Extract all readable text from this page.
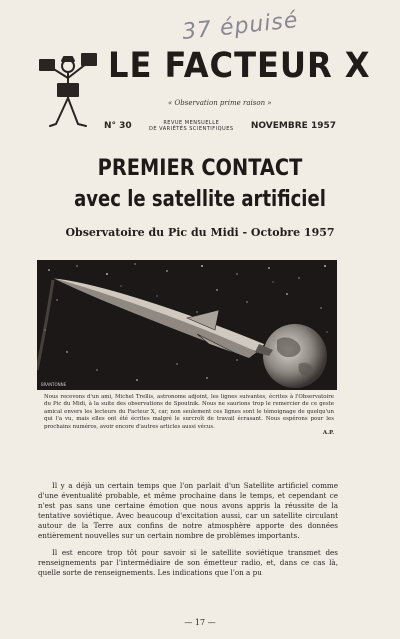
37 épuisé
LE FACTEUR X
« Observation prime raison »
N° 30	REVUE MENSUELLE
DE VARIÉTÉS SCIENTIFIQUES NOVEMBRE 1957
PREMIER CONTACT
avec le satellite artificiel
Observatoire du Pic du Midi - Octobre 1957
BRANTONNE
Nous recevons d'un ami, Michel Trellis, astronome adjoint, les lignes suivantes, écrites à l'Observatoire du Pic du Midi, à la suite des observations de Spoutnik. Nous ne saurions trop le remercier de ce geste amical envers les lecteurs du Facteur X, car, non seulement ces lignes sont le témoignage de quelqu'un qui l'a vu, mais elles ont été écrites malgré le surcroît de travail écrasant. Nous espérons pour les prochains numéros, avoir encore d'autres articles aussi vécus.
A.P.

Il y a déjà un certain temps que l'on parlait d'un Satellite artificiel comme d'une éventualité probable, et même prochaine dans le temps, et cependant ce n'est pas sans une certaine émotion que nous avons appris la réussite de la tentative soviétique. Avec beaucoup d'excitation aussi, car un satellite circulant autour de la Terre aux confins de notre atmosphère apporte des données entièrement nouvelles sur un certain nombre de problèmes importants.

Il est encore trop tôt pour savoir si le satellite soviétique transmet des renseignements par l'intermédiaire de son émetteur radio, et, dans ce cas là, quelle sorte de renseignements. Les indications que l'on a pu

— 17 —
